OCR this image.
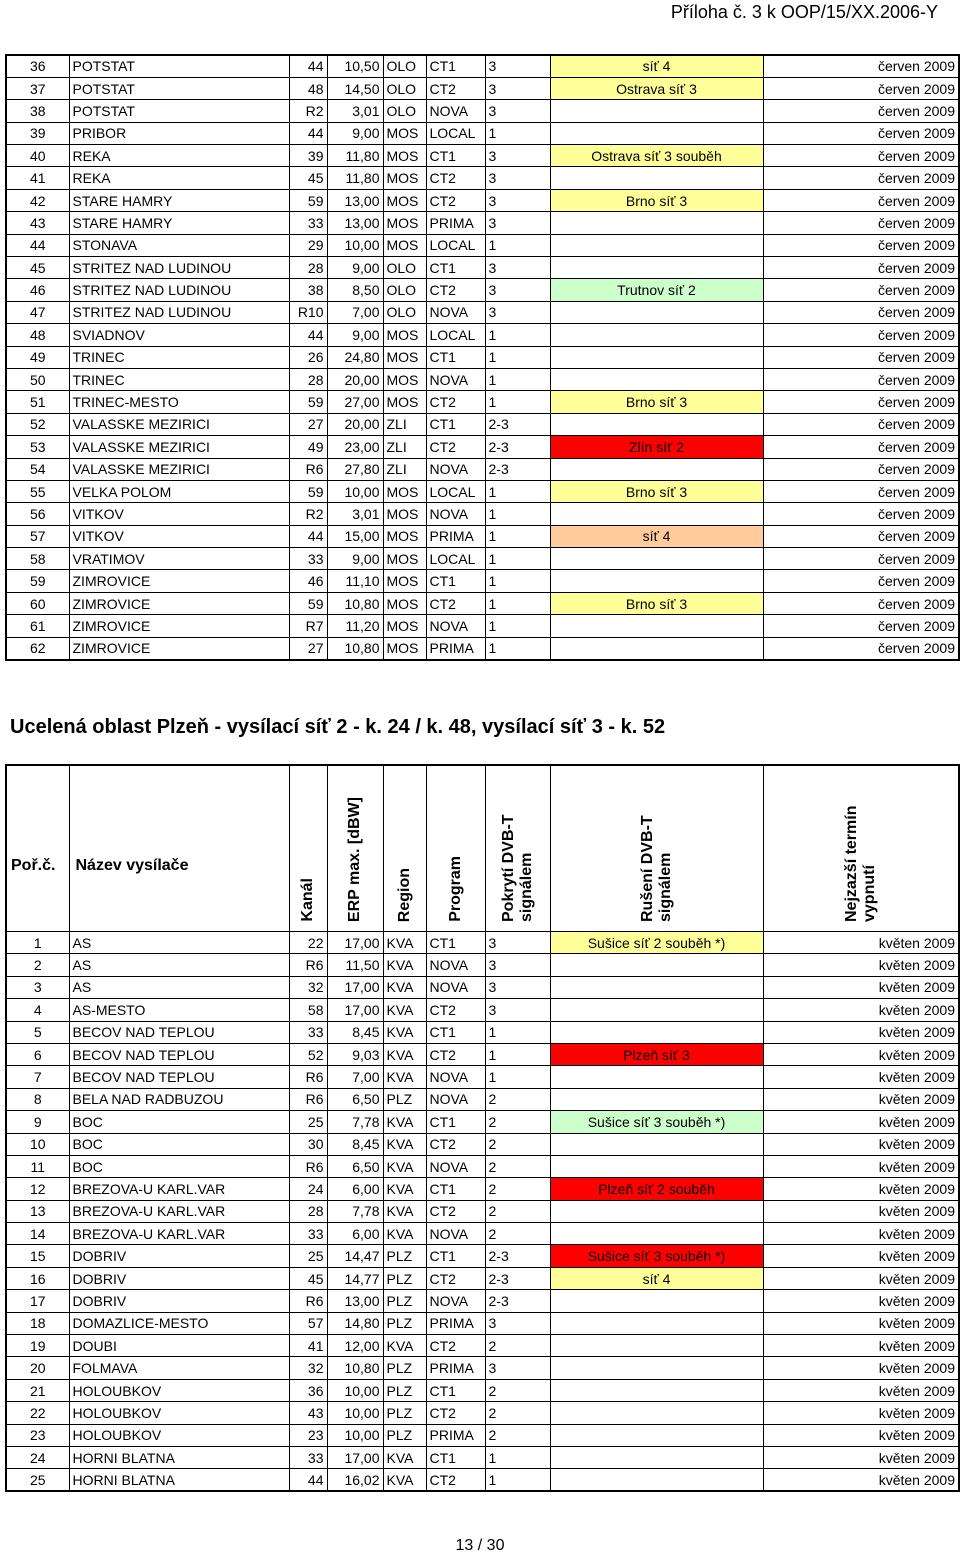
Příloha č. 3 k OOP/15/XX.2006-Y
36	POTSTAT	44	10,50	OLO	CT1	3	síť 4	červen 2009
37	POTSTAT	48	14,50	OLO	CT2	3	Ostrava síť 3	červen 2009
38	POTSTAT	R2	3,01	OLO	NOVA	3		červen 2009
39	PRIBOR	44	9,00	MOS	LOCAL	1		červen 2009
40	REKA	39	11,80	MOS	CT1	3	Ostrava síť 3 souběh	červen 2009
41	REKA	45	11,80	MOS	CT2	3		červen 2009
42	STARE HAMRY	59	13,00	MOS	CT2	3	Brno síť 3	červen 2009
43	STARE HAMRY	33	13,00	MOS	PRIMA	3		červen 2009
44	STONAVA	29	10,00	MOS	LOCAL	1		červen 2009
45	STRITEZ NAD LUDINOU	28	9,00	OLO	CT1	3		červen 2009
46	STRITEZ NAD LUDINOU	38	8,50	OLO	CT2	3	Trutnov síť 2	červen 2009
47	STRITEZ NAD LUDINOU	R10	7,00	OLO	NOVA	3		červen 2009
48	SVIADNOV	44	9,00	MOS	LOCAL	1		červen 2009
49	TRINEC	26	24,80	MOS	CT1	1		červen 2009
50	TRINEC	28	20,00	MOS	NOVA	1		červen 2009
51	TRINEC-MESTO	59	27,00	MOS	CT2	1	Brno síť 3	červen 2009
52	VALASSKE MEZIRICI	27	20,00	ZLI	CT1	2-3		červen 2009
53	VALASSKE MEZIRICI	49	23,00	ZLI	CT2	2-3	Zlín síť 2	červen 2009
54	VALASSKE MEZIRICI	R6	27,80	ZLI	NOVA	2-3		červen 2009
55	VELKA POLOM	59	10,00	MOS	LOCAL	1	Brno síť 3	červen 2009
56	VITKOV	R2	3,01	MOS	NOVA	1		červen 2009
57	VITKOV	44	15,00	MOS	PRIMA	1	síť 4	červen 2009
58	VRATIMOV	33	9,00	MOS	LOCAL	1		červen 2009
59	ZIMROVICE	46	11,10	MOS	CT1	1		červen 2009
60	ZIMROVICE	59	10,80	MOS	CT2	1	Brno síť 3	červen 2009
61	ZIMROVICE	R7	11,20	MOS	NOVA	1		červen 2009
62	ZIMROVICE	27	10,80	MOS	PRIMA	1		červen 2009
Ucelená oblast Plzeň - vysílací síť 2 - k. 24 / k. 48, vysílací síť 3 - k. 52
Poř.č.	Název vysílače	Kanál	ERP max. [dBW]	Region	Program	Pokrytí DVB-T signálem	Rušení DVB-T signálem	Nejzazší termín vypnutí
1	AS	22	17,00	KVA	CT1	3	Sušice síť 2 souběh *)	květen 2009
2	AS	R6	11,50	KVA	NOVA	3		květen 2009
3	AS	32	17,00	KVA	NOVA	3		květen 2009
4	AS-MESTO	58	17,00	KVA	CT2	3		květen 2009
5	BECOV NAD TEPLOU	33	8,45	KVA	CT1	1		květen 2009
6	BECOV NAD TEPLOU	52	9,03	KVA	CT2	1	Plzeň síť 3	květen 2009
7	BECOV NAD TEPLOU	R6	7,00	KVA	NOVA	1		květen 2009
8	BELA NAD RADBUZOU	R6	6,50	PLZ	NOVA	2		květen 2009
9	BOC	25	7,78	KVA	CT1	2	Sušice síť 3 souběh *)	květen 2009
10	BOC	30	8,45	KVA	CT2	2		květen 2009
11	BOC	R6	6,50	KVA	NOVA	2		květen 2009
12	BREZOVA-U KARL.VAR	24	6,00	KVA	CT1	2	Plzeň síť 2 souběh	květen 2009
13	BREZOVA-U KARL.VAR	28	7,78	KVA	CT2	2		květen 2009
14	BREZOVA-U KARL.VAR	33	6,00	KVA	NOVA	2		květen 2009
15	DOBRIV	25	14,47	PLZ	CT1	2-3	Sušice síť 3 souběh *)	květen 2009
16	DOBRIV	45	14,77	PLZ	CT2	2-3	síť 4	květen 2009
17	DOBRIV	R6	13,00	PLZ	NOVA	2-3		květen 2009
18	DOMAZLICE-MESTO	57	14,80	PLZ	PRIMA	3		květen 2009
19	DOUBI	41	12,00	KVA	CT2	2		květen 2009
20	FOLMAVA	32	10,80	PLZ	PRIMA	3		květen 2009
21	HOLOUBKOV	36	10,00	PLZ	CT1	2		květen 2009
22	HOLOUBKOV	43	10,00	PLZ	CT2	2		květen 2009
23	HOLOUBKOV	23	10,00	PLZ	PRIMA	2		květen 2009
24	HORNI BLATNA	33	17,00	KVA	CT1	1		květen 2009
25	HORNI BLATNA	44	16,02	KVA	CT2	1		květen 2009
13 / 30
